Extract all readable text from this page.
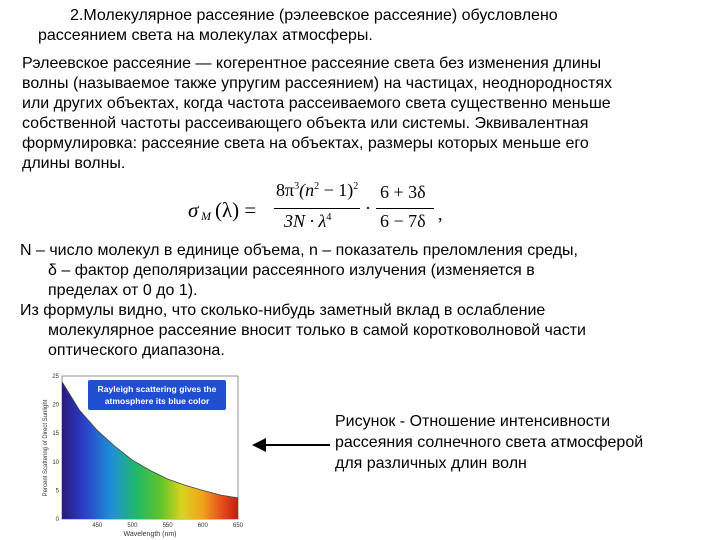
2.Молекулярное рассеяние (рэлеевское рассеяние) обусловлено
рассеянием света на молекулах атмосферы.
Рэлеевское рассеяние — когерентное рассеяние света без изменения длины
волны (называемое также упругим рассеянием) на частицах, неоднородностях
или других объектах, когда частота рассеиваемого света существенно меньше
собственной частоты рассеивающего объекта или системы. Эквивалентная
формулировка: рассеяние света на объектах, размеры которых меньше его
длины волны.
σ M (λ) =
$8\pi^3(n^2 - 1)^2$
$3N \cdot \lambda^4$ ·
6 + 3δ
6 − 7δ ,
N – число молекул в единице объема, n – показатель преломления среды,
δ – фактор деполяризации рассеянного излучения (изменяется в
пределах от 0 до 1).
Из формулы видно, что сколько-нибудь заметный вклад в ослабление
молекулярное рассеяние вносит только в самой коротковолновой части
оптического диапазона.
0
5
10
15
20
25
450	500	550	600	650
Percent Scattering of Direct Sunlight
Wavelength (nm)
Rayleigh scattering gives the
atmosphere its blue color
Рисунок - Отношение интенсивности
рассеяния солнечного света атмосферой
для различных длин волн
